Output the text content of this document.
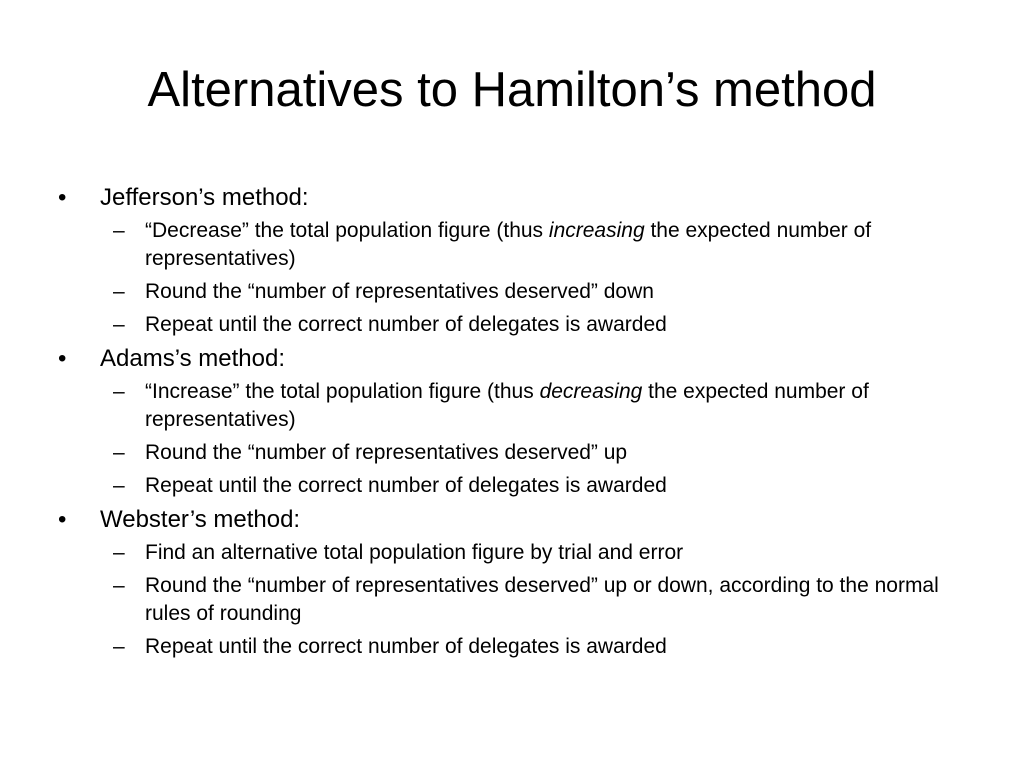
Alternatives to Hamilton’s method
•	Jefferson’s method:
– “Decrease” the total population figure (thus increasing the expected number of representatives)
– Round the “number of representatives deserved” down
– Repeat until the correct number of delegates is awarded
•	Adams’s method:
– “Increase” the total population figure (thus decreasing the expected number of representatives)
– Round the “number of representatives deserved” up
– Repeat until the correct number of delegates is awarded
•	Webster’s method:
– Find an alternative total population figure by trial and error
– Round the “number of representatives deserved” up or down, according to the normal rules of rounding
– Repeat until the correct number of delegates is awarded
